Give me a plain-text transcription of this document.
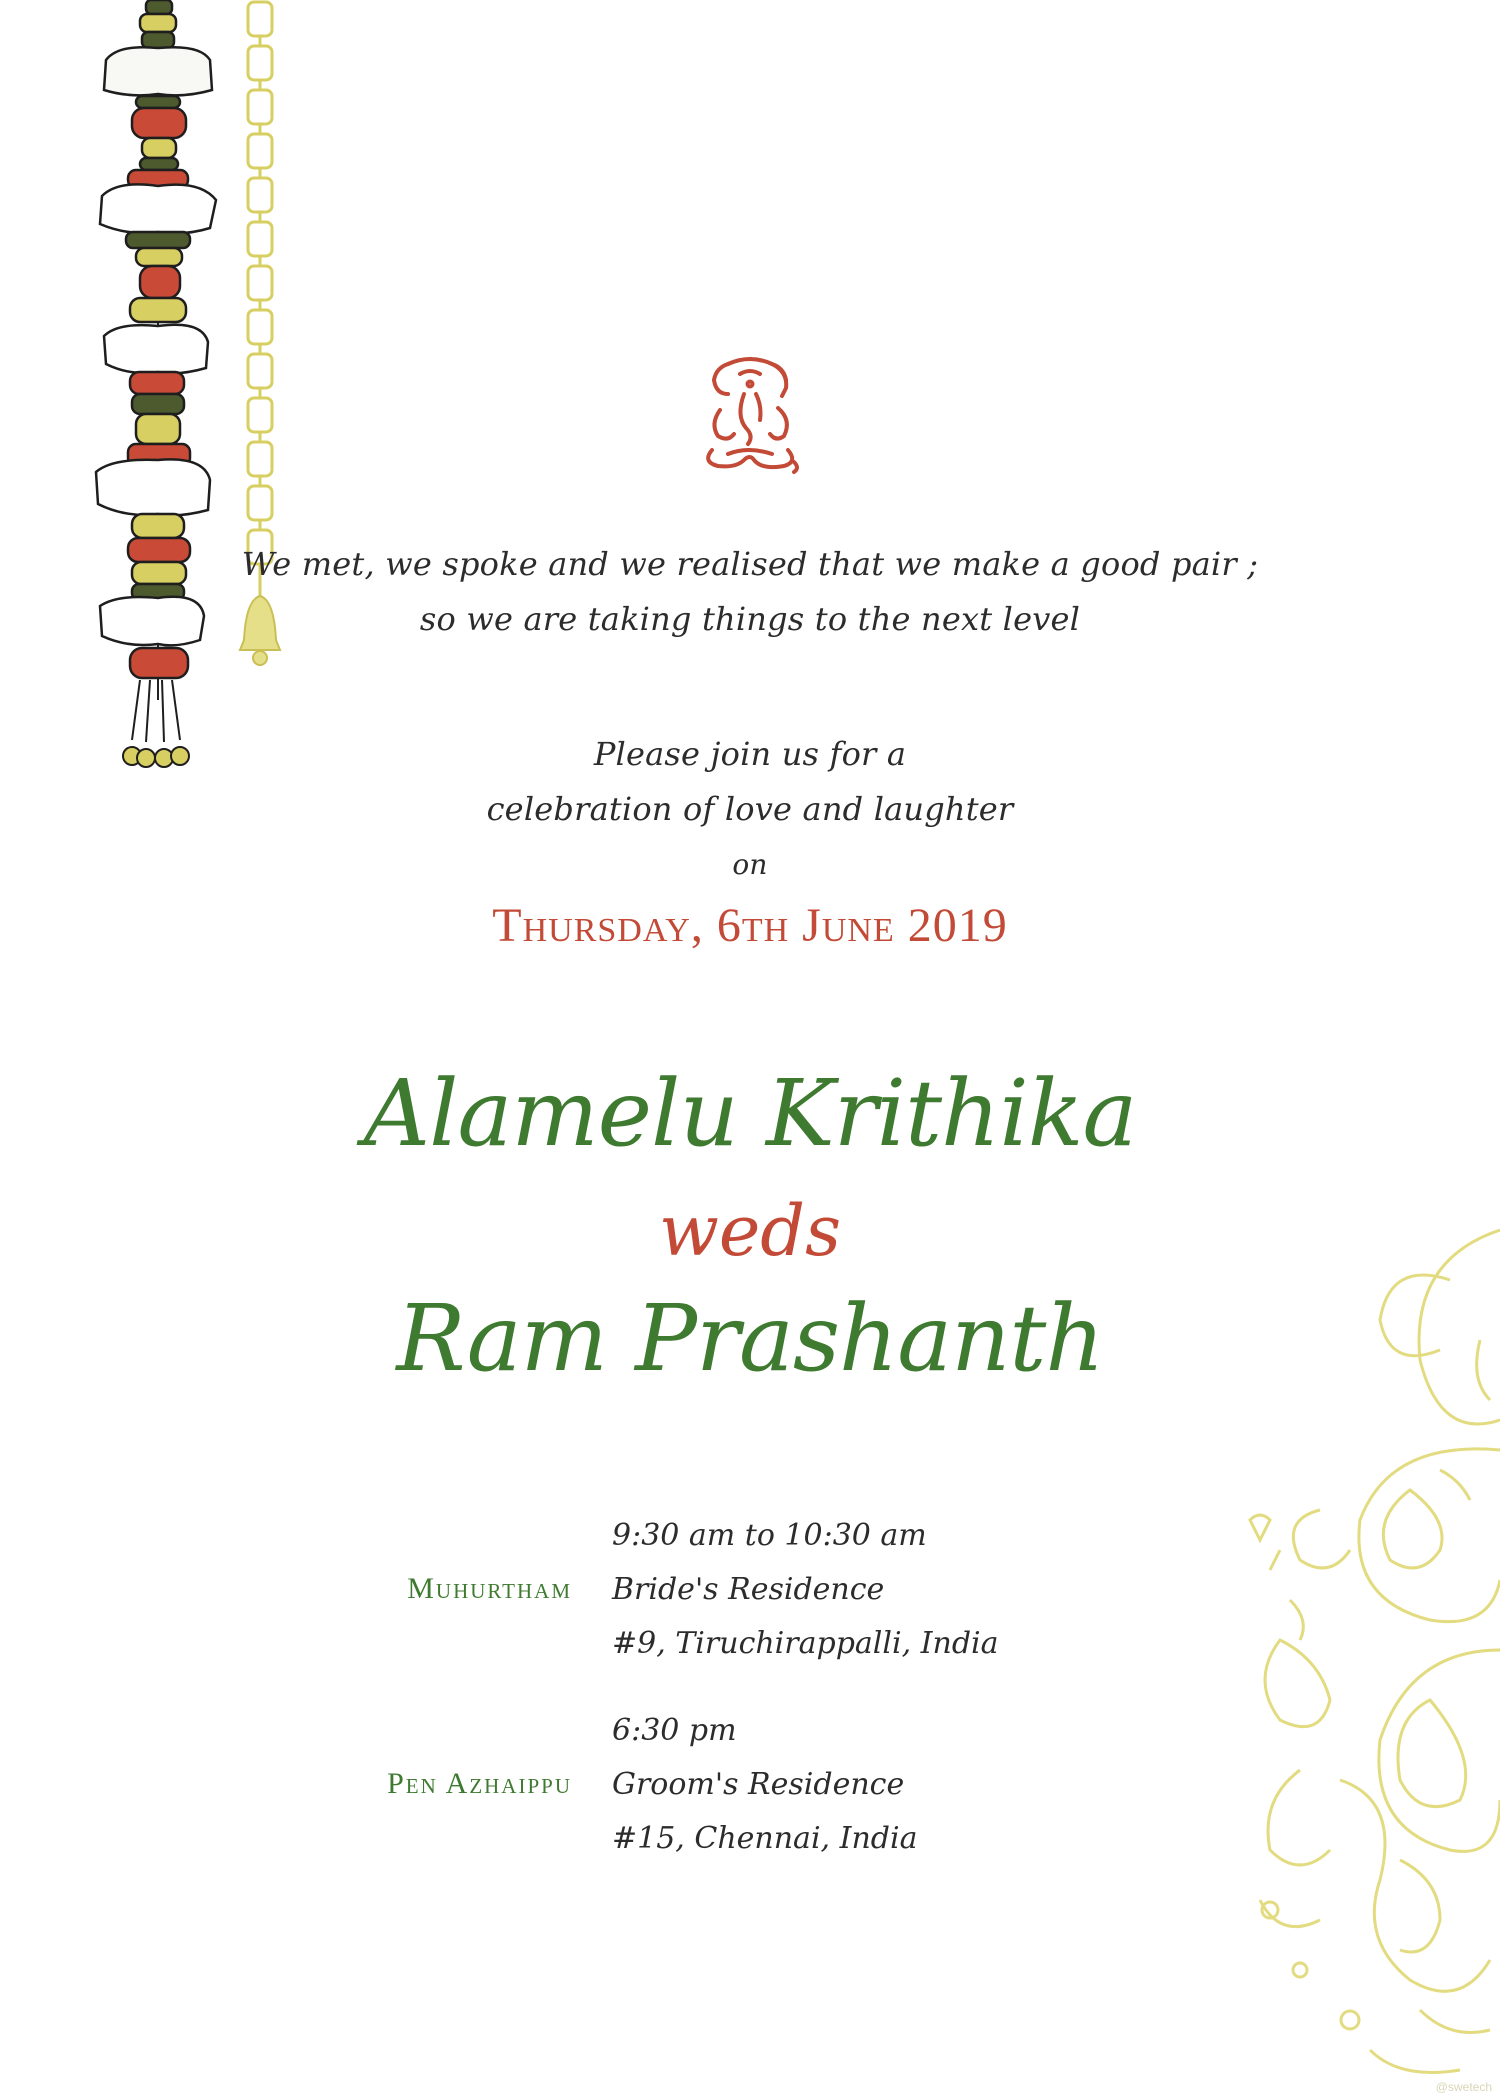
We met, we spoke and we realised that we make a good pair ;
so we are taking things to the next level
Please join us for a
celebration of love and laughter
on
Thursday, 6th June 2019
Alamelu Krithika
weds
Ram Prashanth
Muhurtham
9:30 am to 10:30 am
Bride's Residence
#9, Tiruchirappalli, India
Pen Azhaippu
6:30 pm
Groom's Residence
#15, Chennai, India
@swetech
